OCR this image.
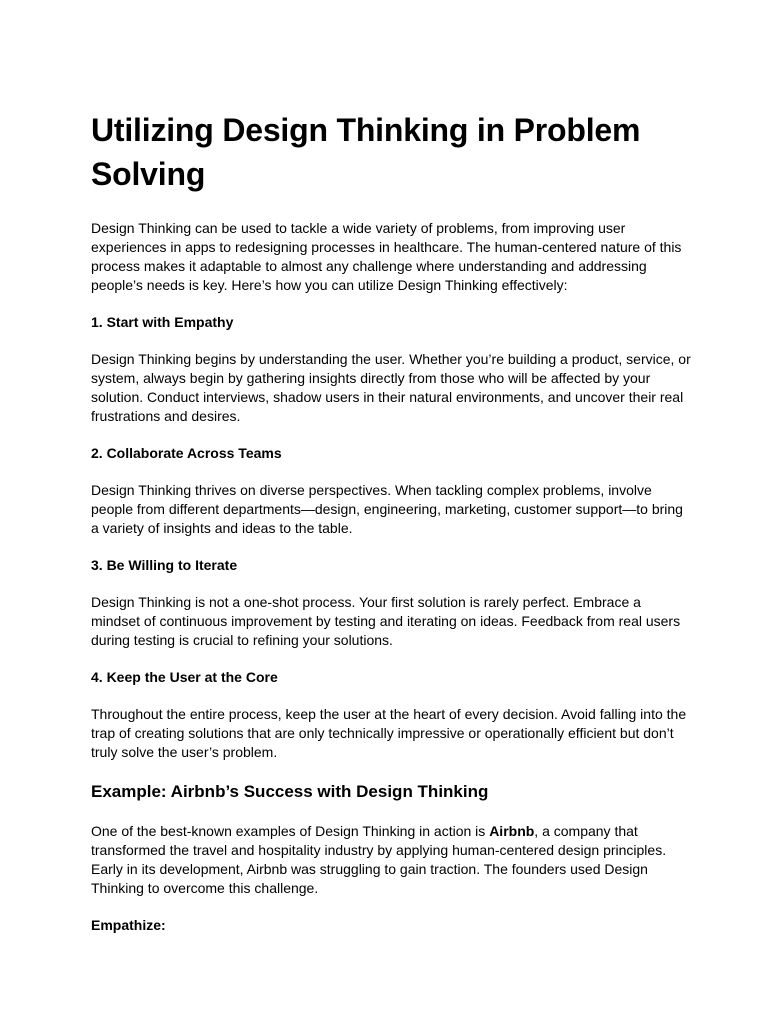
Utilizing Design Thinking in Problem Solving

Design Thinking can be used to tackle a wide variety of problems, from improving user experiences in apps to redesigning processes in healthcare. The human-centered nature of this process makes it adaptable to almost any challenge where understanding and addressing people’s needs is key. Here’s how you can utilize Design Thinking effectively:

1. Start with Empathy

Design Thinking begins by understanding the user. Whether you’re building a product, service, or system, always begin by gathering insights directly from those who will be affected by your solution. Conduct interviews, shadow users in their natural environments, and uncover their real frustrations and desires.

2. Collaborate Across Teams

Design Thinking thrives on diverse perspectives. When tackling complex problems, involve people from different departments—design, engineering, marketing, customer support—to bring a variety of insights and ideas to the table.

3. Be Willing to Iterate

Design Thinking is not a one-shot process. Your first solution is rarely perfect. Embrace a mindset of continuous improvement by testing and iterating on ideas. Feedback from real users during testing is crucial to refining your solutions.

4. Keep the User at the Core

Throughout the entire process, keep the user at the heart of every decision. Avoid falling into the trap of creating solutions that are only technically impressive or operationally efficient but don’t truly solve the user’s problem.

Example: Airbnb’s Success with Design Thinking

One of the best-known examples of Design Thinking in action is Airbnb, a company that transformed the travel and hospitality industry by applying human-centered design principles. Early in its development, Airbnb was struggling to gain traction. The founders used Design Thinking to overcome this challenge.

Empathize:
